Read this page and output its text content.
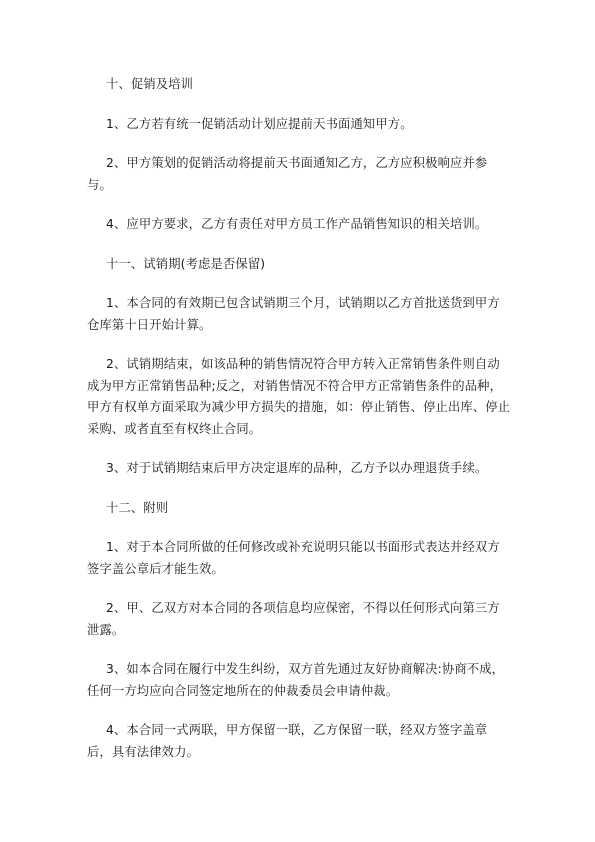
十、促销及培训

1、乙方若有统一促销活动计划应提前天书面通知甲方。

2、甲方策划的促销活动将提前天书面通知乙方，乙方应积极响应并参与。

4、应甲方要求，乙方有责任对甲方员工作产品销售知识的相关培训。

十一、试销期(考虑是否保留)

1、本合同的有效期已包含试销期三个月，试销期以乙方首批送货到甲方仓库第十日开始计算。

2、试销期结束，如该品种的销售情况符合甲方转入正常销售条件则自动成为甲方正常销售品种;反之，对销售情况不符合甲方正常销售条件的品种，甲方有权单方面采取为减少甲方损失的措施，如：停止销售、停止出库、停止采购、或者直至有权终止合同。

3、对于试销期结束后甲方决定退库的品种，乙方予以办理退货手续。

十二、附则

1、对于本合同所做的任何修改或补充说明只能以书面形式表达并经双方签字盖公章后才能生效。

2、甲、乙双方对本合同的各项信息均应保密，不得以任何形式向第三方泄露。

3、如本合同在履行中发生纠纷，双方首先通过友好协商解决:协商不成，任何一方均应向合同签定地所在的仲裁委员会申请仲裁。

4、本合同一式两联，甲方保留一联，乙方保留一联，经双方签字盖章后，具有法律效力。
